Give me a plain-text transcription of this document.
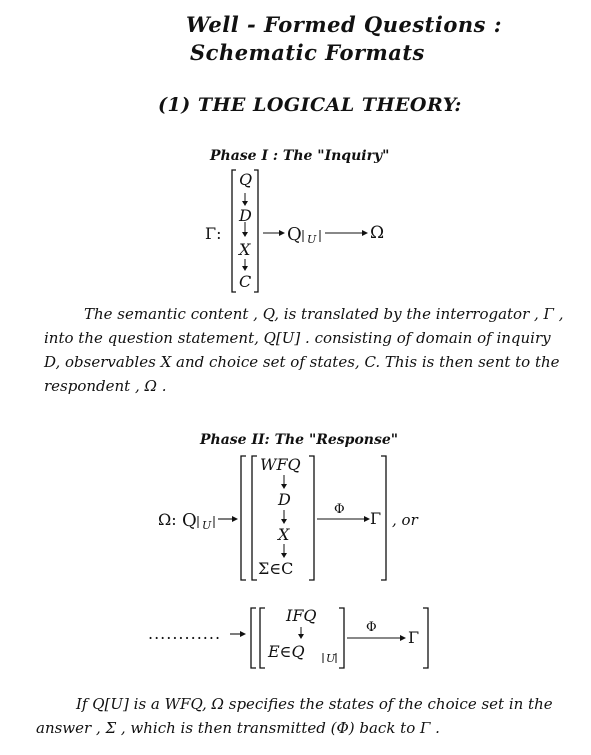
Well - Formed Questions :
Schematic Formats
(1) THE LOGICAL THEORY:
Phase I : The "Inquiry"
Γ:
Q
D
X
C
Q U	Ω
The semantic content , Q, is translated by the interrogator , Γ ,
into the question statement, Q[U] . consisting of domain of inquiry
D, observables X and choice set of states, C. This is then sent to the
respondent , Ω .
Phase II: The "Response"
Ω: Q U
WFQ
D
X
Σ∈C
Φ Γ , or
............
IFQ
E∈Q U
Φ
Γ
If Q[U] is a WFQ, Ω specifies the states of the choice set in the
answer , Σ , which is then transmitted (Φ) back to Γ .
